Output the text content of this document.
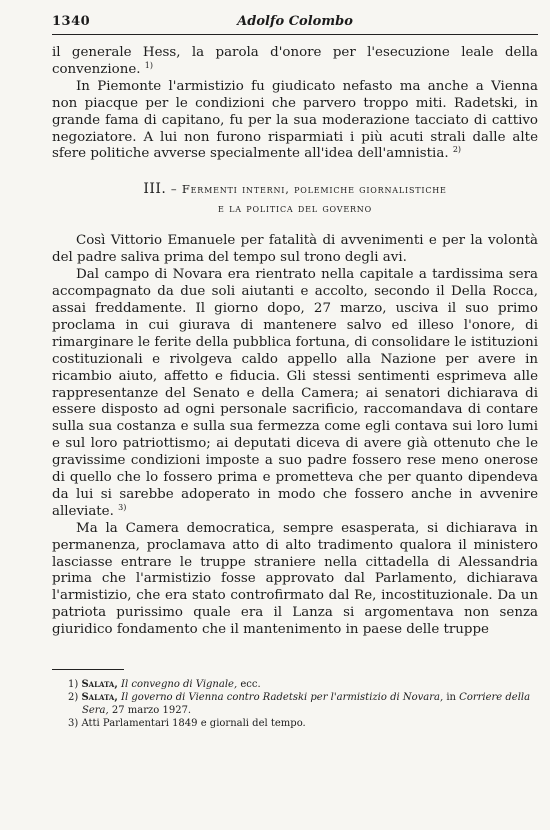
1340	Adolfo Colombo

il generale Hess, la parola d'onore per l'esecuzione leale della convenzione. $^{1)}$

In Piemonte l'armistizio fu giudicato nefasto ma anche a Vienna non piacque per le condizioni che parvero troppo miti. Radetski, in grande fama di capitano, fu per la sua moderazione tacciato di cattivo negoziatore. A lui non furono risparmiati i più acuti strali dalle alte sfere politiche avverse specialmente all'idea dell'amnistia. $^{2)}$

III. – Fermenti interni, polemiche giornalistiche
e la politica del governo

Così Vittorio Emanuele per fatalità di avvenimenti e per la volontà del padre saliva prima del tempo sul trono degli avi.

Dal campo di Novara era rientrato nella capitale a tardissima sera accompagnato da due soli aiutanti e accolto, secondo il Della Rocca, assai freddamente. Il giorno dopo, 27 marzo, usciva il suo primo proclama in cui giurava di mantenere salvo ed illeso l'onore, di rimarginare le ferite della pubblica fortuna, di consolidare le istituzioni costituzionali e rivolgeva caldo appello alla Nazione per avere in ricambio aiuto, affetto e fiducia. Gli stessi sentimenti esprimeva alle rappresentanze del Senato e della Camera; ai senatori dichiarava di essere disposto ad ogni personale sacrificio, raccomandava di contare sulla sua costanza e sulla sua fermezza come egli contava sui loro lumi e sul loro patriottismo; ai deputati diceva di avere già ottenuto che le gravissime condizioni imposte a suo padre fossero rese meno onerose di quello che lo fossero prima e prometteva che per quanto dipendeva da lui si sarebbe adoperato in modo che fossero anche in avvenire alleviate. $^{3)}$

Ma la Camera democratica, sempre esasperata, si dichiarava in permanenza, proclamava atto di alto tradimento qualora il ministero lasciasse entrare le truppe straniere nella cittadella di Alessandria prima che l'armistizio fosse approvato dal Parlamento, dichiarava l'armistizio, che era stato controfirmato dal Re, incostituzionale. Da un patriota purissimo quale era il Lanza si argomentava non senza giuridico fondamento che il mantenimento in paese delle truppe

1) Salata, Il convegno di Vignale, ecc.

2) Salata, Il governo di Vienna contro Radetski per l'armistizio di Novara, in Corriere della Sera, 27 marzo 1927.

3) Atti Parlamentari 1849 e giornali del tempo.
